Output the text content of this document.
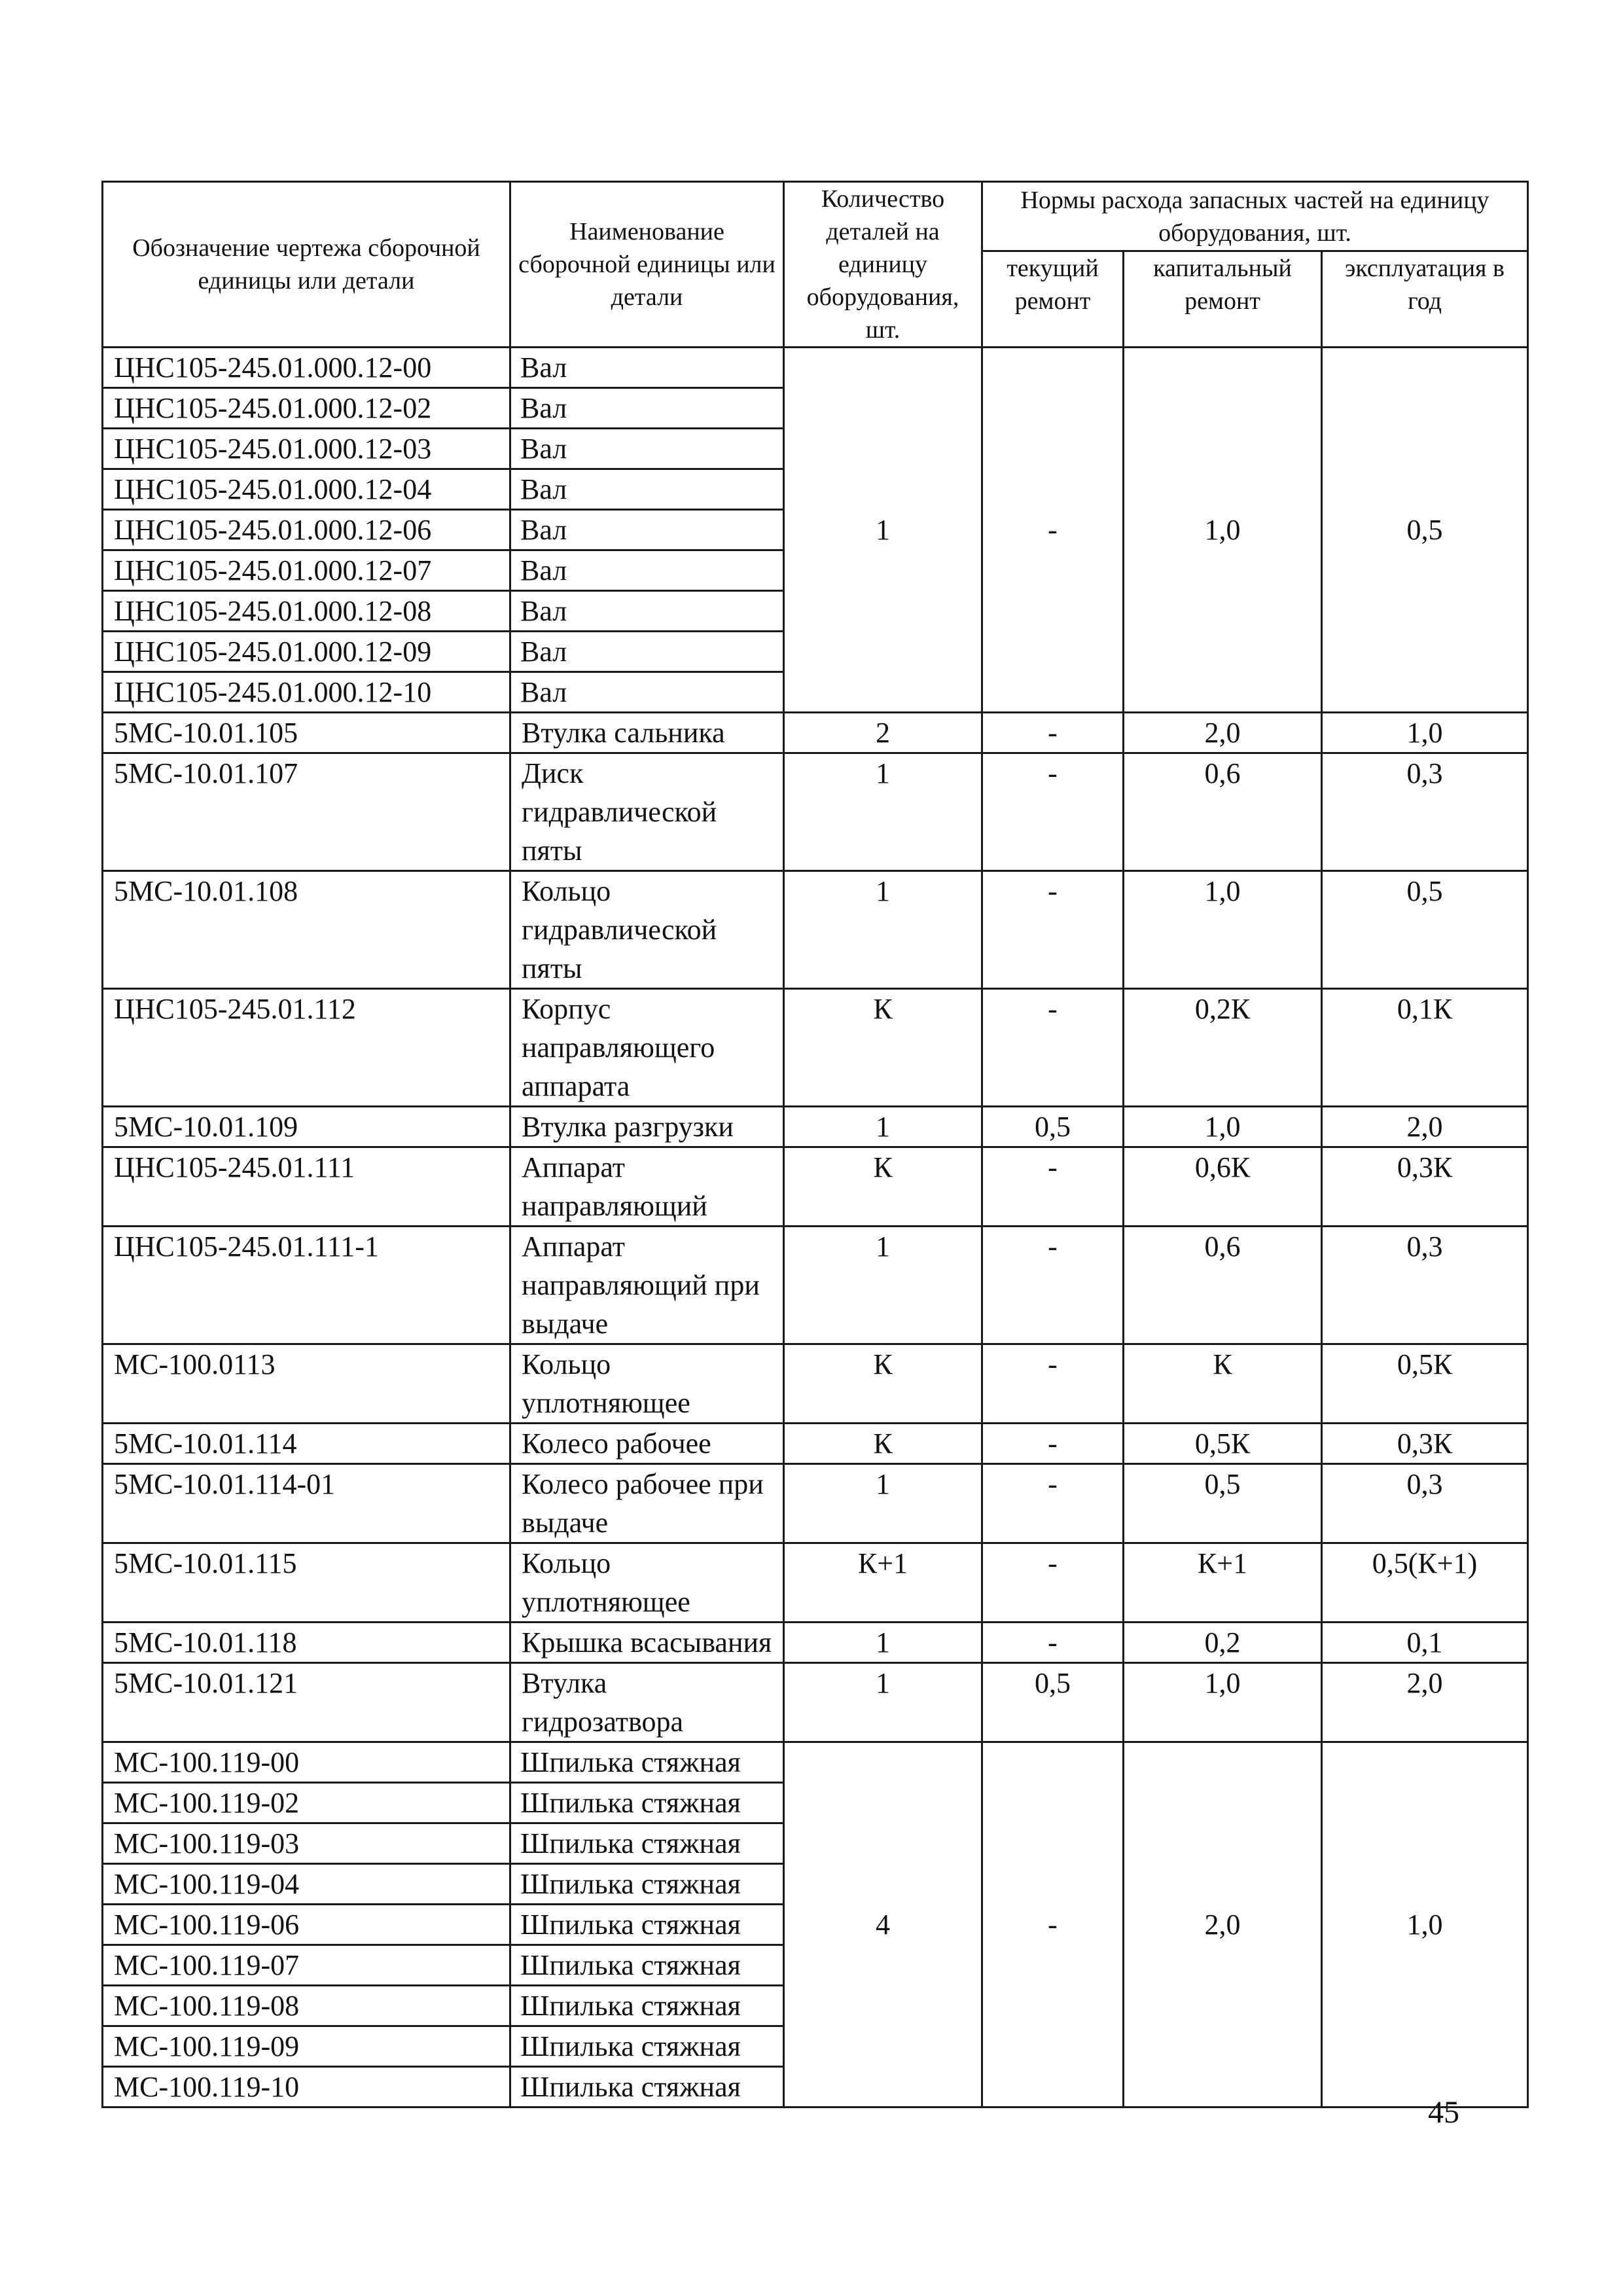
Обозначение чертежа сборочной единицы или детали	Наименование сборочной единицы или детали	Количество деталей на единицу оборудования, шт.	Нормы расхода запасных частей на единицу оборудования, шт.		
			текущий ремонт	капитальный ремонт	эксплуатация в год
ЦНС105-245.01.000.12-00	Вал	1	-	1,0	0,5
ЦНС105-245.01.000.12-02	Вал				
ЦНС105-245.01.000.12-03	Вал				
ЦНС105-245.01.000.12-04	Вал				
ЦНС105-245.01.000.12-06	Вал				
ЦНС105-245.01.000.12-07	Вал				
ЦНС105-245.01.000.12-08	Вал				
ЦНС105-245.01.000.12-09	Вал				
ЦНС105-245.01.000.12-10	Вал				
5МС-10.01.105	Втулка сальника	2	-	2,0	1,0
5МС-10.01.107	Диск гидравлической пяты	1	-	0,6	0,3
5МС-10.01.108	Кольцо гидравлической пяты	1	-	1,0	0,5
ЦНС105-245.01.112	Корпус направляющего аппарата	К	-	0,2К	0,1К
5МС-10.01.109	Втулка разгрузки	1	0,5	1,0	2,0
ЦНС105-245.01.111	Аппарат направляющий	К	-	0,6К	0,3К
ЦНС105-245.01.111-1	Аппарат направляющий при выдаче	1	-	0,6	0,3
МС-100.0113	Кольцо уплотняющее	К	-	К	0,5К
5МС-10.01.114	Колесо рабочее	К	-	0,5К	0,3К
5МС-10.01.114-01	Колесо рабочее при выдаче	1	-	0,5	0,3
5МС-10.01.115	Кольцо уплотняющее	К+1	-	К+1	0,5(К+1)
5МС-10.01.118	Крышка всасывания	1	-	0,2	0,1
5МС-10.01.121	Втулка гидрозатвора	1	0,5	1,0	2,0
МС-100.119-00	Шпилька стяжная	4	-	2,0	1,0
МС-100.119-02	Шпилька стяжная				
МС-100.119-03	Шпилька стяжная				
МС-100.119-04	Шпилька стяжная				
МС-100.119-06	Шпилька стяжная				
МС-100.119-07	Шпилька стяжная				
МС-100.119-08	Шпилька стяжная				
МС-100.119-09	Шпилька стяжная				
МС-100.119-10	Шпилька стяжная				
45
